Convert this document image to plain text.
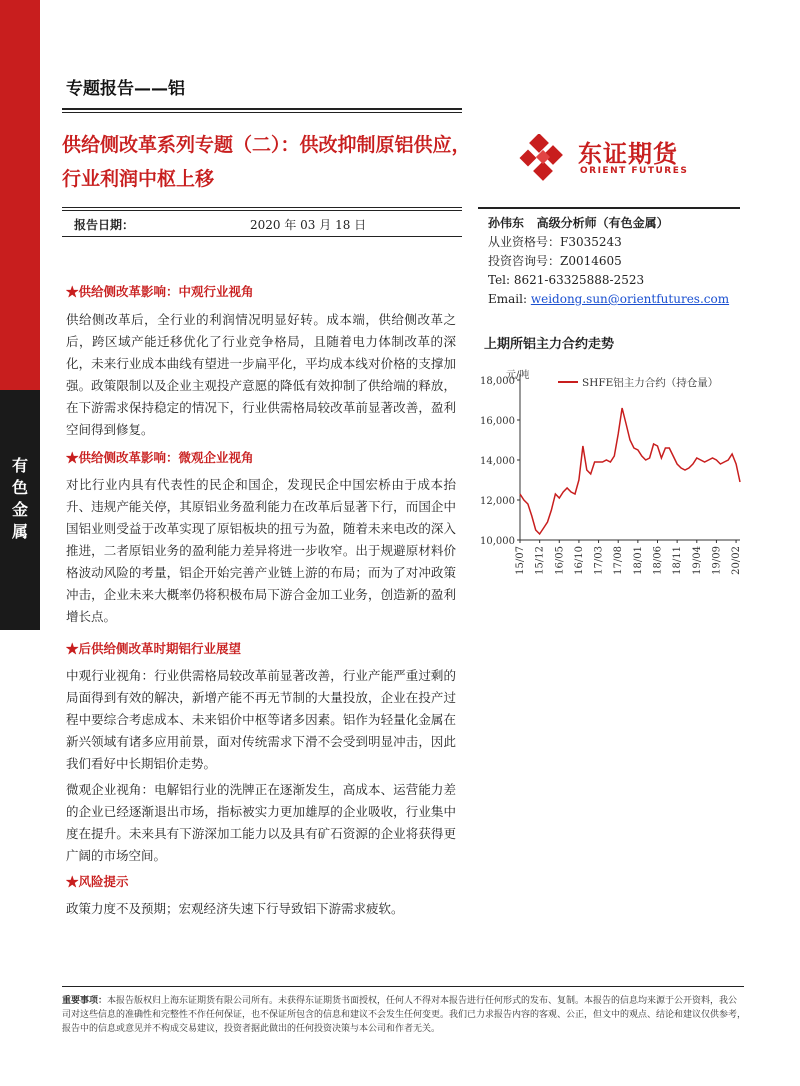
有
色
金
属
专题报告——铝
供给侧改革系列专题（二）：供改抑制原铝供应，行业利润中枢上移
东证期货
ORIENT FUTURES
报告日期：	2020 年 03 月 18 日	孙伟东 高级分析师（有色金属）
从业资格号：F3035243
投资咨询号：Z0014605
Tel: 8621-63325888-2523
Email: weidong.sun@orientfutures.com
★供给侧改革影响：中观行业视角
供给侧改革后，全行业的利润情况明显好转。成本端，供给侧改革之后，跨区域产能迁移优化了行业竞争格局，且随着电力体制改革的深化，未来行业成本曲线有望进一步扁平化，平均成本线对价格的支撑加强。政策限制以及企业主观投产意愿的降低有效抑制了供给端的释放，在下游需求保持稳定的情况下，行业供需格局较改革前显著改善，盈利空间得到修复。
★供给侧改革影响：微观企业视角
对比行业内具有代表性的民企和国企，发现民企中国宏桥由于成本抬升、违规产能关停，其原铝业务盈利能力在改革后显著下行，而国企中国铝业则受益于改革实现了原铝板块的扭亏为盈，随着未来电改的深入推进，二者原铝业务的盈利能力差异将进一步收窄。出于规避原材料价格波动风险的考量，铝企开始完善产业链上游的布局；而为了对冲政策冲击，企业未来大概率仍将积极布局下游合金加工业务，创造新的盈利增长点。
★后供给侧改革时期铝行业展望
中观行业视角：行业供需格局较改革前显著改善，行业产能严重过剩的局面得到有效的解决，新增产能不再无节制的大量投放，企业在投产过程中要综合考虑成本、未来铝价中枢等诸多因素。铝作为轻量化金属在新兴领域有诸多应用前景，面对传统需求下滑不会受到明显冲击，因此我们看好中长期铝价走势。
微观企业视角：电解铝行业的洗牌正在逐渐发生，高成本、运营能力差的企业已经逐渐退出市场，指标被实力更加雄厚的企业吸收，行业集中度在提升。未来具有下游深加工能力以及具有矿石资源的企业将获得更广阔的市场空间。
★风险提示
政策力度不及预期；宏观经济失速下行导致铝下游需求疲软。
上期所铝主力合约走势
元/吨
10,000
12,000
14,000
16,000
18,000
15/07 15/12 16/05 16/10 17/03 17/08 18/01 18/06 18/11 19/04 19/09 20/02
SHFE铝主力合约（持仓量）
重要事项：本报告版权归上海东证期货有限公司所有。未获得东证期货书面授权，任何人不得对本报告进行任何形式的发布、复制。本报告的信息均来源于公开资料，我公司对这些信息的准确性和完整性不作任何保证，也不保证所包含的信息和建议不会发生任何变更。我们已力求报告内容的客观、公正，但文中的观点、结论和建议仅供参考，报告中的信息或意见并不构成交易建议，投资者据此做出的任何投资决策与本公司和作者无关。
